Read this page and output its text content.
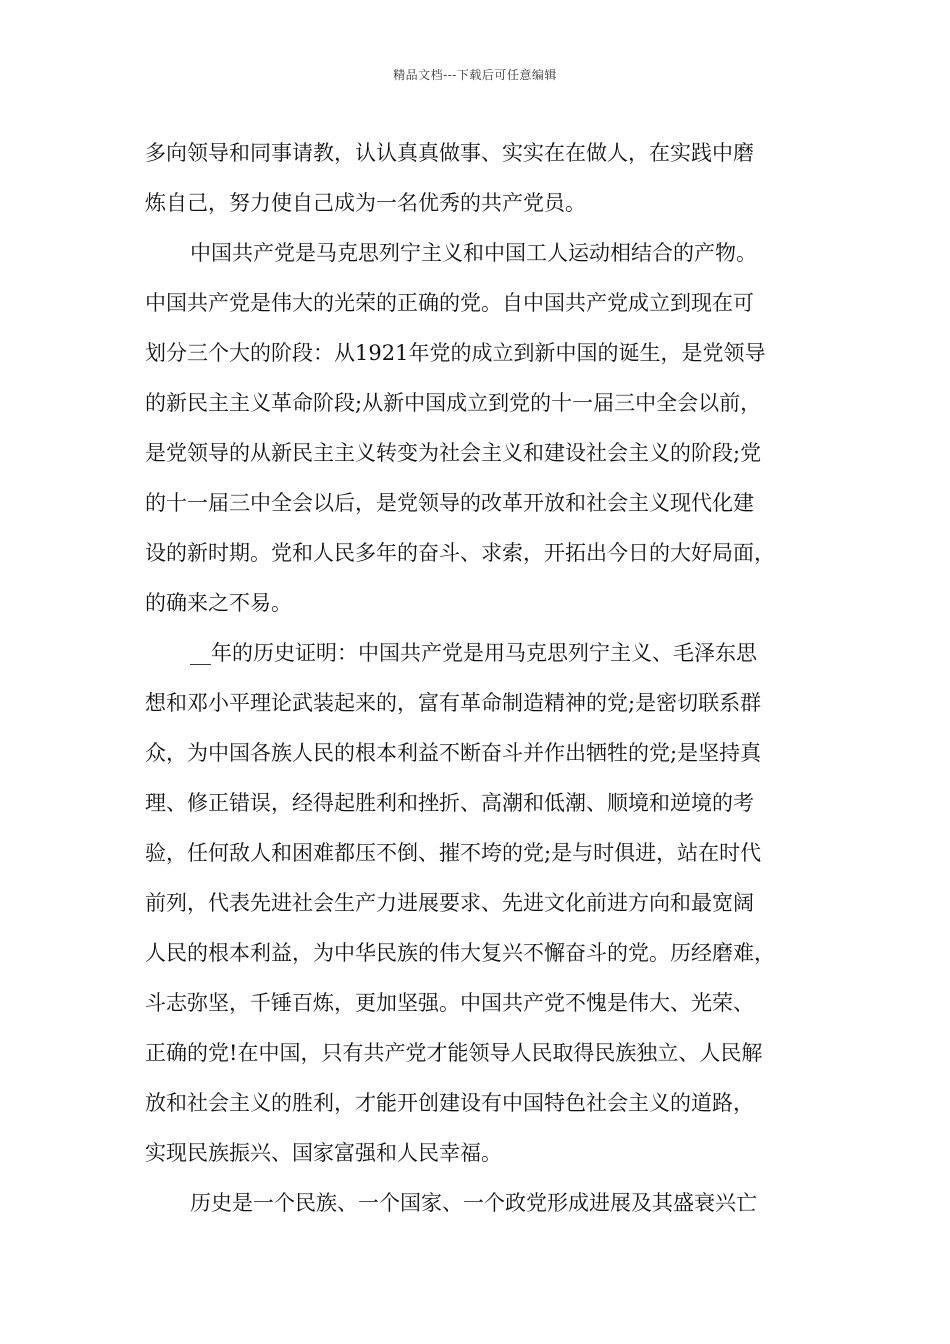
精品文档---下载后可任意编辑
多向领导和同事请教，认认真真做事、实实在在做人，在实践中磨
炼自己，努力使自己成为一名优秀的共产党员。
中国共产党是马克思列宁主义和中国工人运动相结合的产物。
中国共产党是伟大的光荣的正确的党。自中国共产党成立到现在可
划分三个大的阶段：从1921年党的成立到新中国的诞生，是党领导
的新民主主义革命阶段;从新中国成立到党的十一届三中全会以前，
是党领导的从新民主主义转变为社会主义和建设社会主义的阶段;党
的十一届三中全会以后，是党领导的改革开放和社会主义现代化建
设的新时期。党和人民多年的奋斗、求索，开拓出今日的大好局面，
的确来之不易。
__年的历史证明：中国共产党是用马克思列宁主义、毛泽东思
想和邓小平理论武装起来的，富有革命制造精神的党;是密切联系群
众，为中国各族人民的根本利益不断奋斗并作出牺牲的党;是坚持真
理、修正错误，经得起胜利和挫折、高潮和低潮、顺境和逆境的考
验，任何敌人和困难都压不倒、摧不垮的党;是与时俱进，站在时代
前列，代表先进社会生产力进展要求、先进文化前进方向和最宽阔
人民的根本利益，为中华民族的伟大复兴不懈奋斗的党。历经磨难，
斗志弥坚，千锤百炼，更加坚强。中国共产党不愧是伟大、光荣、
正确的党!在中国，只有共产党才能领导人民取得民族独立、人民解
放和社会主义的胜利，才能开创建设有中国特色社会主义的道路，
实现民族振兴、国家富强和人民幸福。
历史是一个民族、一个国家、一个政党形成进展及其盛衰兴亡
